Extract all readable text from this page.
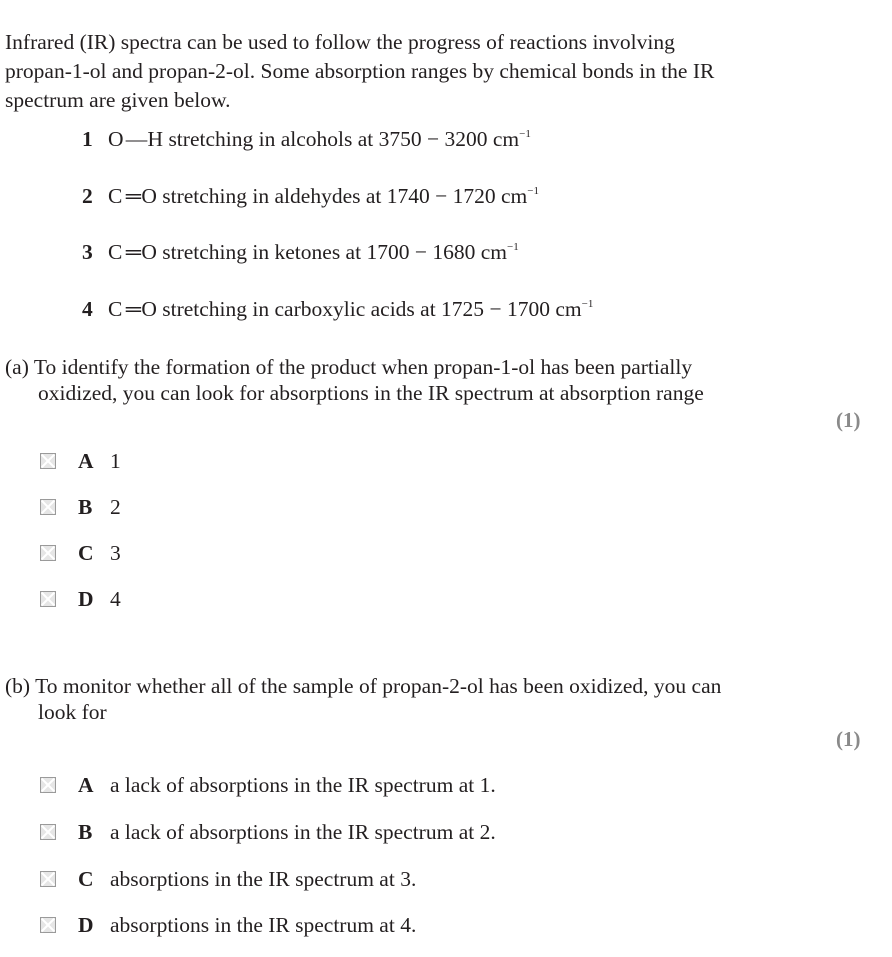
Infrared (IR) spectra can be used to follow the progress of reactions involving
propan-1-ol and propan-2-ol. Some absorption ranges by chemical bonds in the IR
spectrum are given below.
1 O — H stretching in alcohols at 3750 − 3200 $cm^{-1}$
2 C ═ O stretching in aldehydes at 1740 − 1720 $cm^{-1}$
3 C ═ O stretching in ketones at 1700 − 1680 $cm^{-1}$
4 C ═ O stretching in carboxylic acids at 1725 − 1700 $cm^{-1}$
(a) To identify the formation of the product when propan-1-ol has been partially
oxidized, you can look for absorptions in the IR spectrum at absorption range
(1)
A 1
B 2
C 3
D 4
(b) To monitor whether all of the sample of propan-2-ol has been oxidized, you can
look for
(1)
A a lack of absorptions in the IR spectrum at 1.
B a lack of absorptions in the IR spectrum at 2.
C absorptions in the IR spectrum at 3.
D absorptions in the IR spectrum at 4.
